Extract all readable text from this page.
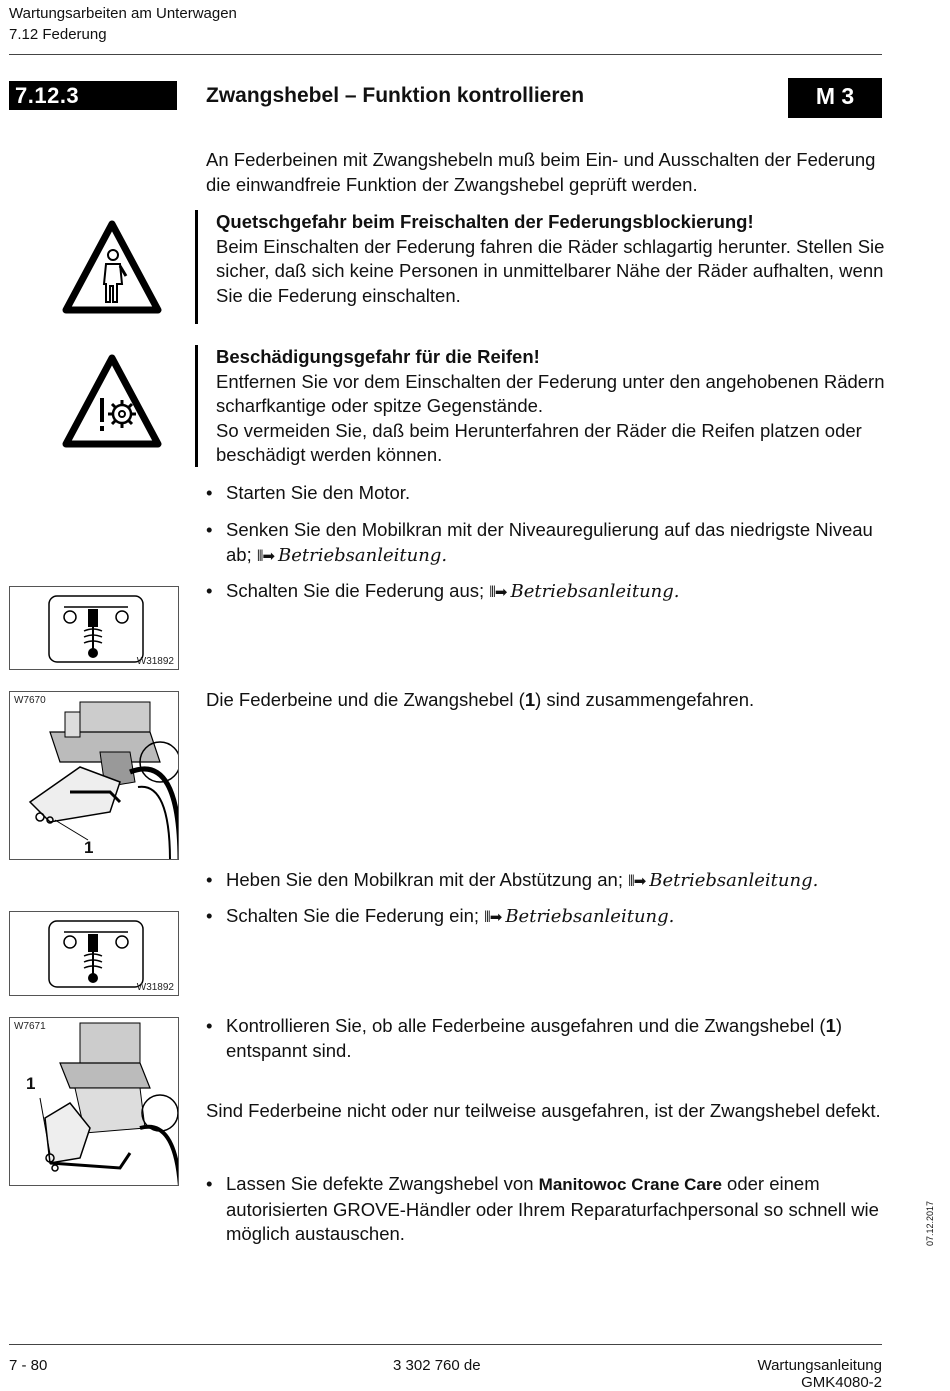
Wartungsarbeiten am Unterwagen
7.12 Federung
7.12.3	Zwangshebel – Funktion kontrollieren	M 3
An Federbeinen mit Zwangshebeln muß beim Ein- und Ausschalten der Federung die einwandfreie Funktion der Zwangshebel geprüft werden.
Quetschgefahr beim Freischalten der Federungsblockierung!
Beim Einschalten der Federung fahren die Räder schlagartig herunter. Stellen Sie sicher, daß sich keine Personen in unmittelbarer Nähe der Räder aufhalten, wenn Sie die Federung einschalten.
Beschädigungsgefahr für die Reifen!
Entfernen Sie vor dem Einschalten der Federung unter den angehobenen Rädern scharfkantige oder spitze Gegenstände.
So vermeiden Sie, daß beim Herunterfahren der Räder die Reifen platzen oder beschädigt werden können.
• Starten Sie den Motor.
• Senken Sie den Mobilkran mit der Niveauregulierung auf das niedrigste Niveau ab; ⦀➡ Betriebsanleitung.
• Schalten Sie die Federung aus; ⦀➡ Betriebsanleitung.
W31892
W7670
1
Die Federbeine und die Zwangshebel (1) sind zusammengefahren.
• Heben Sie den Mobilkran mit der Abstützung an; ⦀➡ Betriebsanleitung.
• Schalten Sie die Federung ein; ⦀➡ Betriebsanleitung.
W31892
W7671
1
• Kontrollieren Sie, ob alle Federbeine ausgefahren und die Zwangshebel (1) entspannt sind.
Sind Federbeine nicht oder nur teilweise ausgefahren, ist der Zwangshebel defekt.
• Lassen Sie defekte Zwangshebel von Manitowoc Crane Care oder einem autorisierten GROVE-Händler oder Ihrem Reparaturfachpersonal so schnell wie möglich austauschen.	07.12.2017
7 - 80	3 302 760 de	Wartungsanleitung
GMK4080-2
